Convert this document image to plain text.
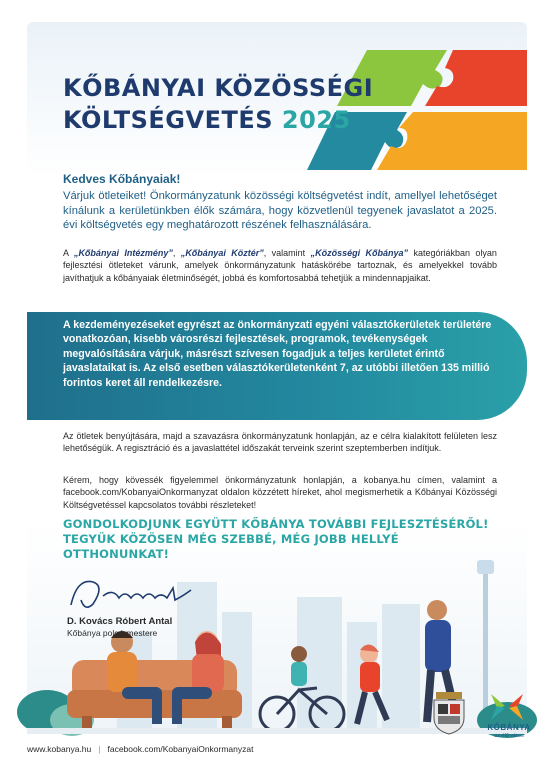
KŐBÁNYAI KÖZÖSSÉGI
KÖLTSÉGVETÉS 2025
Kedves Kőbányaiak!

Várjuk ötleteiket! Önkormányzatunk közösségi költségvetést indít, amellyel lehetőséget kínálunk a kerületünkben élők számára, hogy közvetlenül tegyenek javaslatot a 2025. évi költségvetés egy meghatározott részének felhasználására.

A „Kőbányai Intézmény”, „Kőbányai Köztér”, valamint „Közösségi Kőbánya” kategóriákban olyan fejlesztési ötleteket várunk, amelyek önkormányzatunk hatáskörébe tartoznak, és amelyekkel tovább javíthatjuk a kőbányaiak életminőségét, jobbá és komfortosabbá tehetjük a mindennapjaikat.

A kezdeményezéseket egyrészt az önkormányzati egyéni választókerületek területére vonatkozóan, kisebb városrészi fejlesztések, programok, tevékenységek megvalósítására várjuk, másrészt szívesen fogadjuk a teljes kerületet érintő javaslataikat is. Az első esetben választókerületenként 7, az utóbbi illetően 135 millió forintos keret áll rendelkezésre.

Az ötletek benyújtására, majd a szavazásra önkormányzatunk honlapján, az e célra kialakított felületen lesz lehetőségük. A regisztráció és a javaslattétel időszakát terveink szerint szeptemberben indítjuk.

Kérem, hogy kövessék figyelemmel önkormányzatunk honlapján, a kobanya.hu címen, valamint a facebook.com/KobanyaiOnkormanyzat oldalon közzétett híreket, ahol megismerhetik a Kőbányai Közösségi Költségvetéssel kapcsolatos további részleteket!

GONDOLKODJUNK EGYÜTT KŐBÁNYA TOVÁBBI FEJLESZTÉSÉRŐL!
TEGYÜK KÖZÖSEN MÉG SZEBBÉ, MÉG JOBB HELLYÉ OTTHONUNKAT!
D. Kovács Róbert Antal
Kőbánya polgármestere
KŐBÁNYA
az élő város
www.kobanya.hu | facebook.com/KobanyaiOnkormanyzat
